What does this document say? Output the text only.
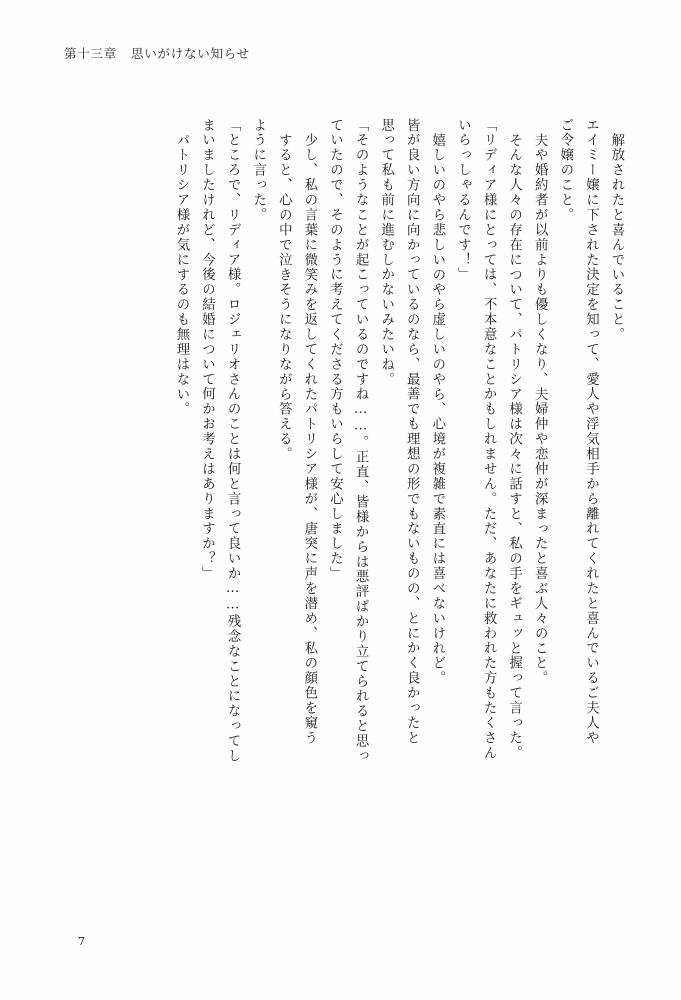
第十三章 思いがけない知らせ
解放されたと喜んでいること。
エイミー嬢に下された決定を知って、愛人や浮気相手から離れてくれたと喜んでいるご夫人や
ご令嬢のこと。
夫や婚約者が以前よりも優しくなり、夫婦仲や恋仲が深まったと喜ぶ人々のこと。
そんな人々の存在について、パトリシア様は次々に話すと、私の手をギュッと握って言った。
「リディア様にとっては、不本意なことかもしれません。ただ、あなたに救われた方もたくさん
いらっしゃるんです！」
嬉しいのやら悲しいのやら虚しいのやら、心境が複雑で素直には喜べないけれど。
皆が良い方向に向かっているのなら、最善でも理想の形でもないものの、とにかく良かったと
思って私も前に進むしかないみたいね。
「そのようなことが起こっているのですね……。正直、皆様からは悪評ばかり立てられると思っ
ていたので、そのように考えてくださる方もいらして安心しました」
少し、私の言葉に微笑みを返してくれたパトリシア様が、唐突に声を潜め、私の顔色を窺う
すると、心の中で泣きそうになりながら答える。
ように言った。
「ところで、リディア様。ロジェリオさんのことは何と言って良いか……残念なことになってし
まいましたけれど、今後の結婚について何かお考えはありますか？」
パトリシア様が気にするのも無理はない。
7
